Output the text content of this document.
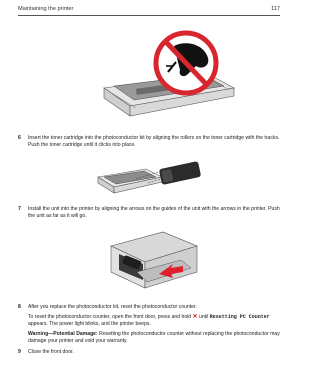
Maintaining the printer	117
6 Insert the toner cartridge into the photoconductor kit by aligning the rollers on the toner cartridge with the tracks. Push the toner cartridge until it clicks into place.
7 Install the unit into the printer by aligning the arrows on the guides of the unit with the arrows in the printer. Push the unit as far as it will go.
8 After you replace the photoconductor kit, reset the photoconductor counter.
To reset the photoconductor counter, open the front door, press and hold ✕ until Resetting PC Counter
appears. The power light blinks, and the printer beeps.
Warning—Potential Damage: Resetting the photoconductor counter without replacing the photoconductor may damage your printer and void your warranty.
9 Close the front door.
